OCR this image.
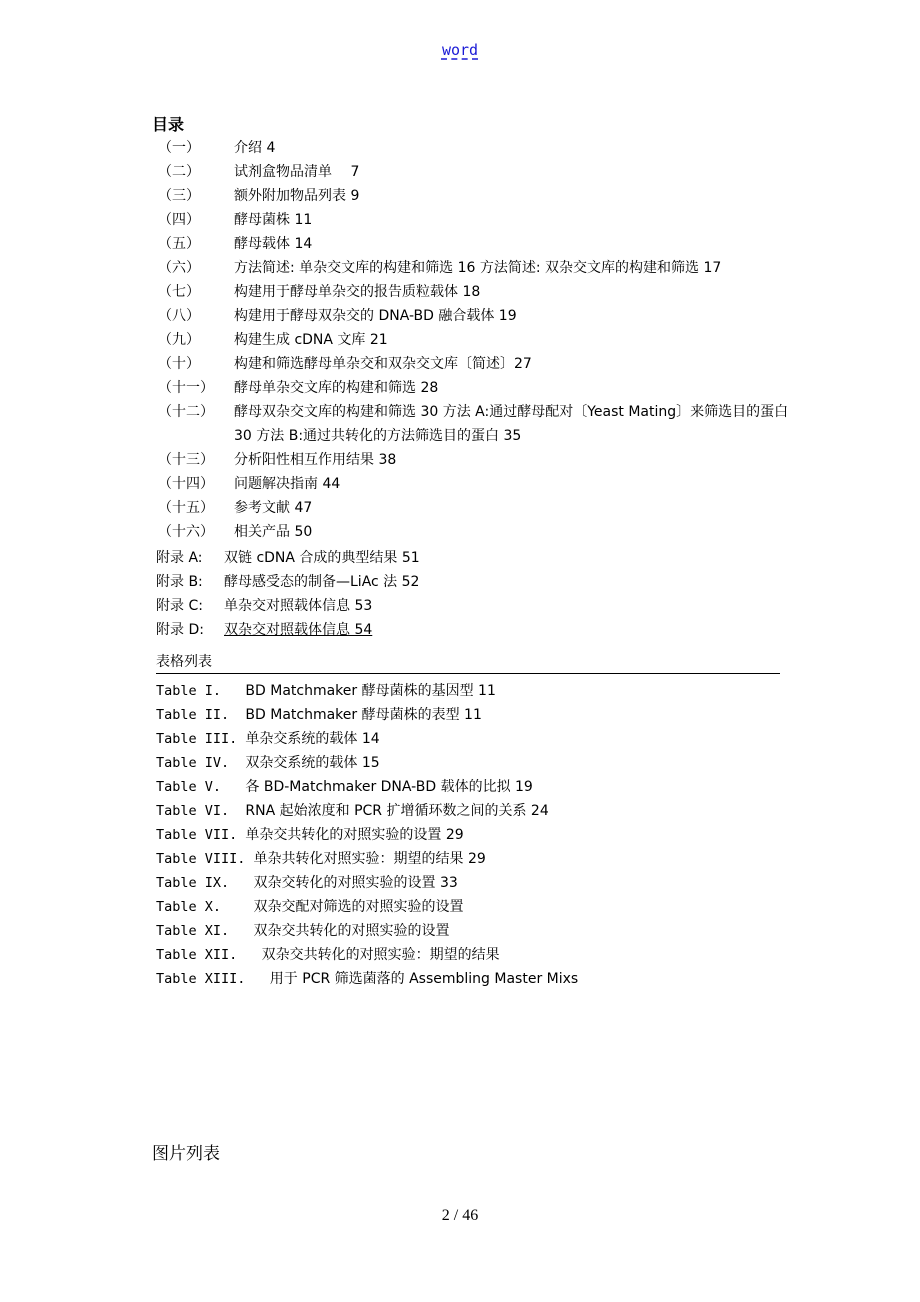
word
目录
（一）	介绍 4
（二）	试剂盒物品清单　 7
（三）	额外附加物品列表 9
（四）	酵母菌株 11
（五）	酵母载体 14
（六）	方法简述: 单杂交文库的构建和筛选 16 方法简述: 双杂交文库的构建和筛选 17
（七）	构建用于酵母单杂交的报告质粒载体 18
（八）	构建用于酵母双杂交的 DNA-BD 融合载体 19
（九）	构建生成 cDNA 文库 21
（十）	构建和筛选酵母单杂交和双杂交文库〔简述〕27
（十一）	酵母单杂交文库的构建和筛选 28
（十二）	酵母双杂交文库的构建和筛选 30 方法 A:通过酵母配对〔Yeast Mating〕来筛选目的蛋白 30 方法 B:通过共转化的方法筛选目的蛋白 35
（十三）	分析阳性相互作用结果 38
（十四）	问题解决指南 44
（十五）	参考文献 47
（十六）	相关产品 50
附录 A: 双链 cDNA 合成的典型结果 51
附录 B: 酵母感受态的制备—LiAc 法 52
附录 C: 单杂交对照载体信息 53
附录 D: 双杂交对照载体信息 54
表格列表
Table I.   BD Matchmaker 酵母菌株的基因型 11
Table II.  BD Matchmaker 酵母菌株的表型 11
Table III. 单杂交系统的载体 14
Table IV.  双杂交系统的载体 15
Table V.   各 BD-Matchmaker DNA-BD 载体的比拟 19
Table VI.  RNA 起始浓度和 PCR 扩增循环数之间的关系 24
Table VII. 单杂交共转化的对照实验的设置 29
Table VIII. 单杂共转化对照实验：期望的结果 29
Table IX.   双杂交转化的对照实验的设置 33
Table X.    双杂交配对筛选的对照实验的设置
Table XI.   双杂交共转化的对照实验的设置
Table XII.   双杂交共转化的对照实验：期望的结果
Table XIII.   用于 PCR 筛选菌落的 Assembling Master Mixs
图片列表
2 / 46
